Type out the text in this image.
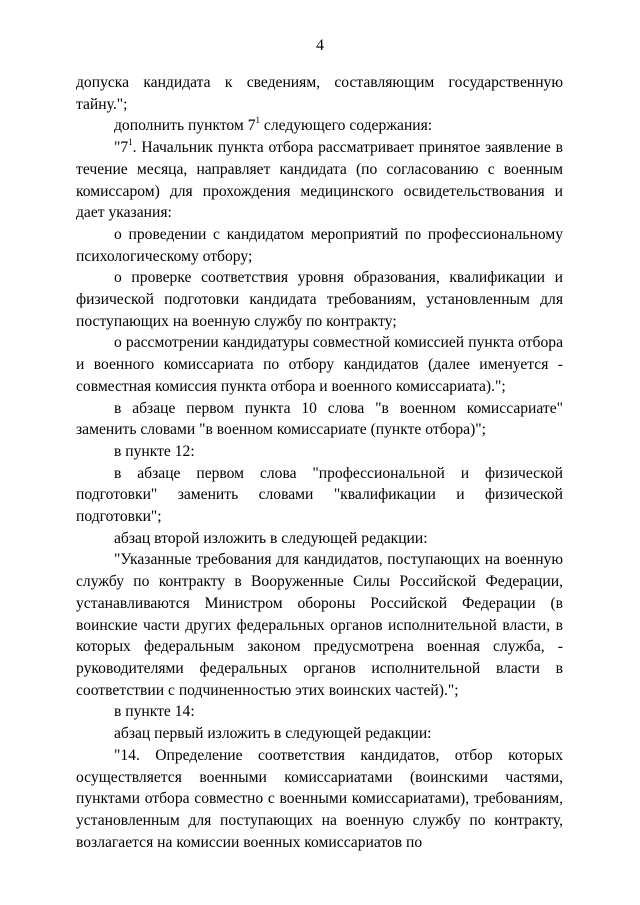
4

допуска кандидата к сведениям, составляющим государственную тайну.";

дополнить пунктом $7^1$ следующего содержания:

"$7^1$. Начальник пункта отбора рассматривает принятое заявление в течение месяца, направляет кандидата (по согласованию с военным комиссаром) для прохождения медицинского освидетельствования и дает указания:

о проведении с кандидатом мероприятий по профессиональному психологическому отбору;

о проверке соответствия уровня образования, квалификации и физической подготовки кандидата требованиям, установленным для поступающих на военную службу по контракту;

о рассмотрении кандидатуры совместной комиссией пункта отбора и военного комиссариата по отбору кандидатов (далее именуется - совместная комиссия пункта отбора и военного комиссариата).";

в абзаце первом пункта 10 слова "в военном комиссариате" заменить словами "в военном комиссариате (пункте отбора)";

в пункте 12:

в абзаце первом слова "профессиональной и физической подготовки" заменить словами "квалификации и физической подготовки";

абзац второй изложить в следующей редакции:

"Указанные требования для кандидатов, поступающих на военную службу по контракту в Вооруженные Силы Российской Федерации, устанавливаются Министром обороны Российской Федерации (в воинские части других федеральных органов исполнительной власти, в которых федеральным законом предусмотрена военная служба, - руководителями федеральных органов исполнительной власти в соответствии с подчиненностью этих воинских частей).";

в пункте 14:

абзац первый изложить в следующей редакции:

"14. Определение соответствия кандидатов, отбор которых осуществляется военными комиссариатами (воинскими частями, пунктами отбора совместно с военными комиссариатами), требованиям, установленным для поступающих на военную службу по контракту, возлагается на комиссии военных комиссариатов по
